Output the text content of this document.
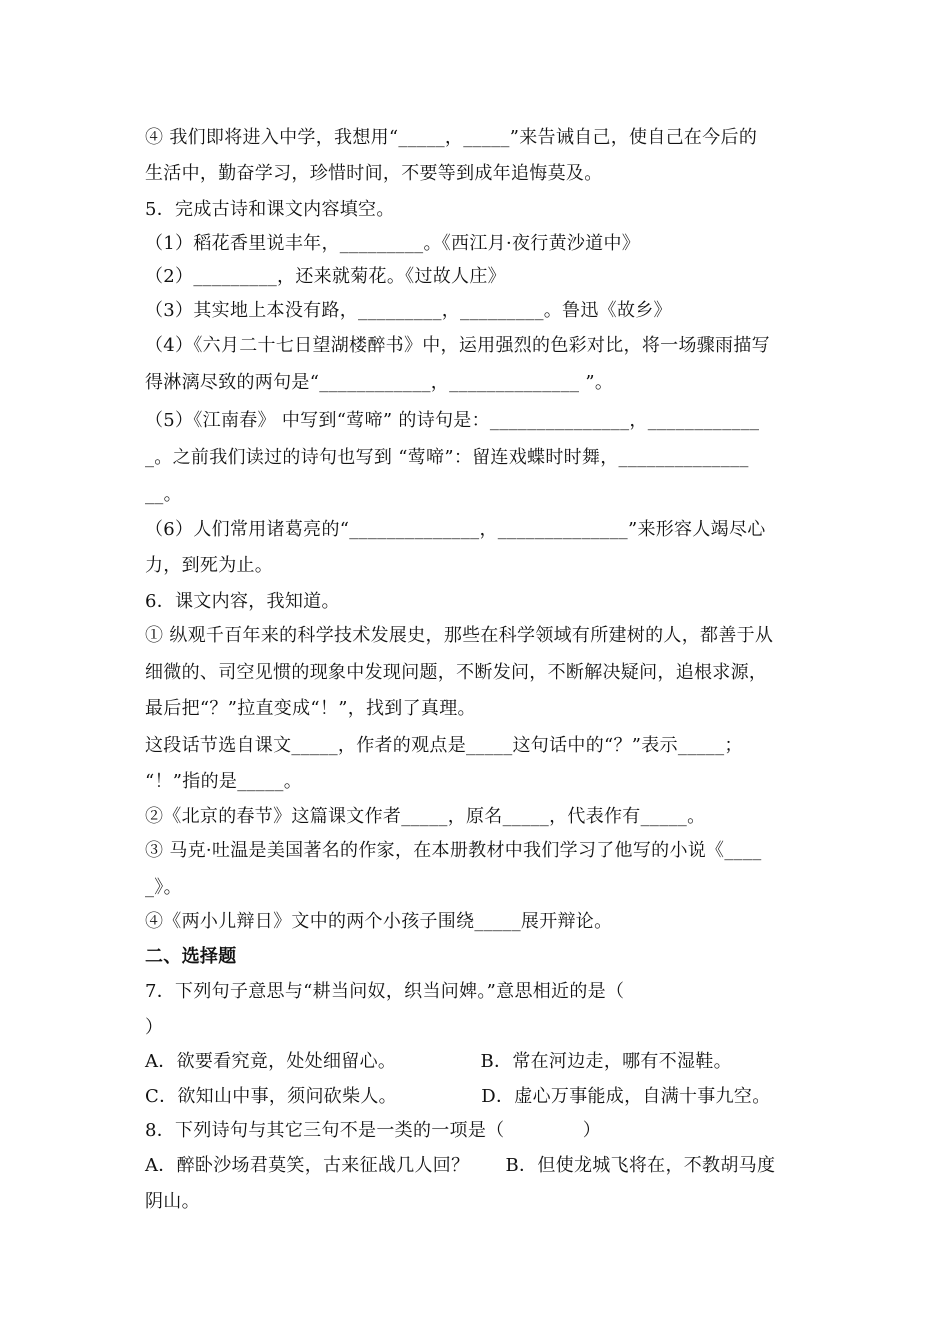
④ 我们即将进入中学，我想用“_____，_____”来告诫自己，使自己在今后的
生活中，勤奋学习，珍惜时间，不要等到成年追悔莫及。
5．完成古诗和课文内容填空。
（1）稻花香里说丰年，_________。《西江月·夜行黄沙道中》
（2）_________，还来就菊花。《过故人庄》
（3）其实地上本没有路，_________，_________。鲁迅《故乡》
（4）《六月二十七日望湖楼醉书》中，运用强烈的色彩对比，将一场骤雨描写
得淋漓尽致的两句是“____________，______________ ”。
（5）《江南春》 中写到“莺啼” 的诗句是：_______________，____________
_。之前我们读过的诗句也写到 “莺啼”：留连戏蝶时时舞，______________
__。
（6）人们常用诸葛亮的“______________，______________”来形容人竭尽心
力，到死为止。
6．课文内容，我知道。
① 纵观千百年来的科学技术发展史，那些在科学领域有所建树的人，都善于从
细微的、司空见惯的现象中发现问题，不断发问，不断解决疑问，追根求源，
最后把“？”拉直变成“！”，找到了真理。
这段话节选自课文_____，作者的观点是_____这句话中的“？”表示_____；
“！”指的是_____。
②《北京的春节》这篇课文作者_____，原名_____，代表作有_____。
③ 马克·吐温是美国著名的作家，在本册教材中我们学习了他写的小说《____
_》。
④《两小儿辩日》文中的两个小孩子围绕_____展开辩论。
二、选择题
7．下列句子意思与“耕当问奴，织当问婢。”意思相近的是（
）
A．欲要看究竟，处处细留心。              B．常在河边走，哪有不湿鞋。
C．欲知山中事，须问砍柴人。              D．虚心万事能成，自满十事九空。
8．下列诗句与其它三句不是一类的一项是（             ）
A．醉卧沙场君莫笑，古来征战几人回？      B．但使龙城飞将在，不教胡马度
阴山。
